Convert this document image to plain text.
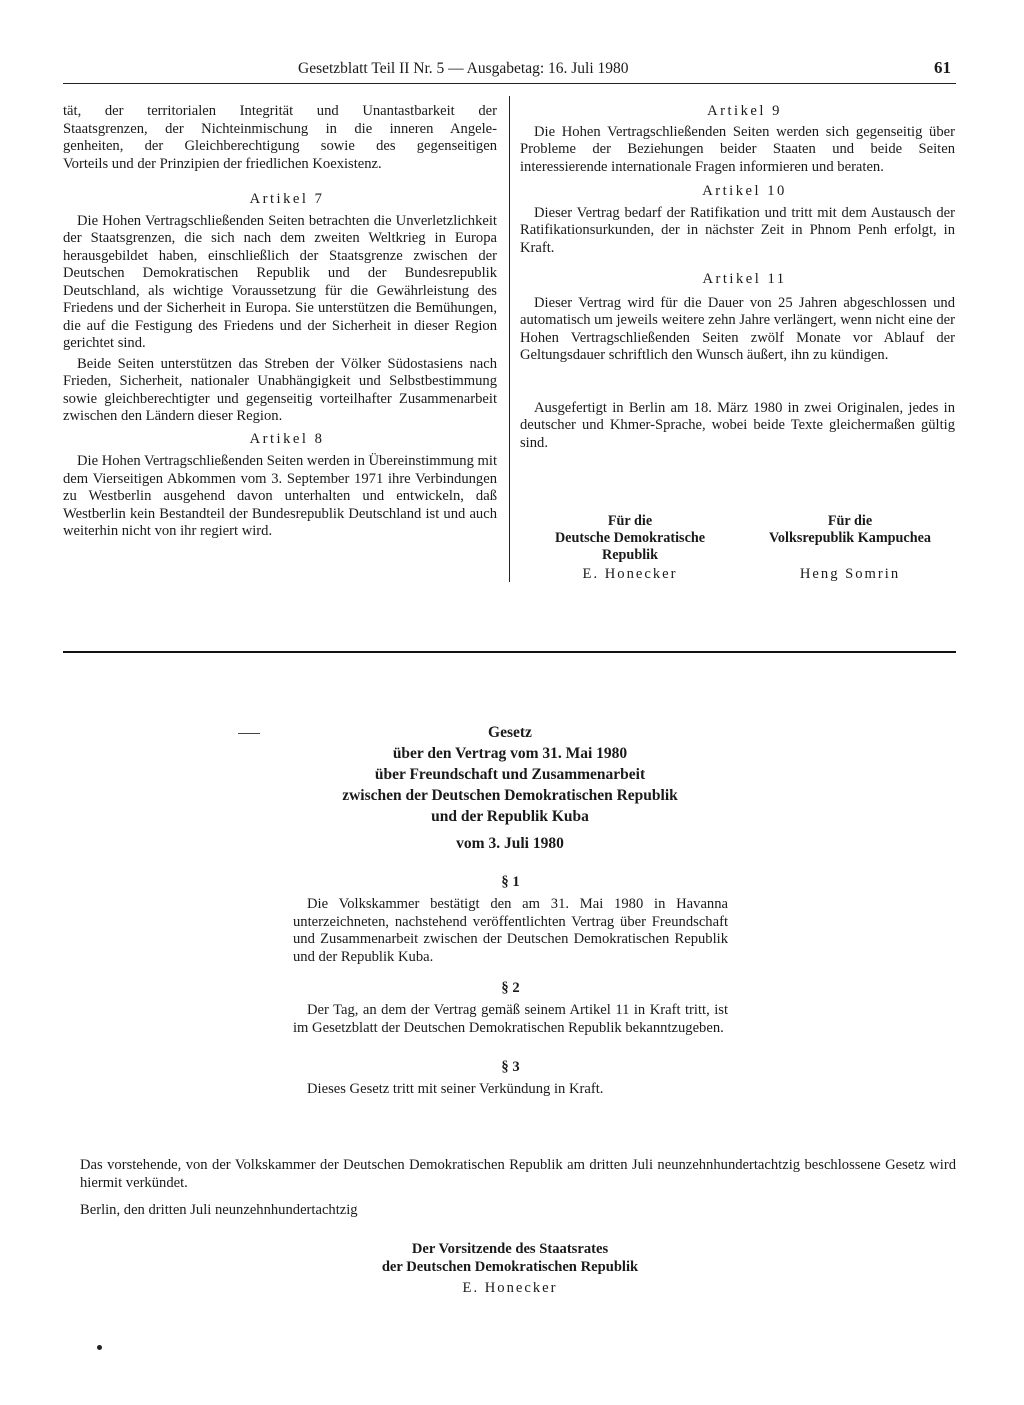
Gesetzblatt Teil II Nr. 5 — Ausgabetag: 16. Juli 1980	61
tät, der territorialen Integrität und Unantastbarkeit der
Staatsgrenzen, der Nichteinmischung in die inneren Angele-
genheiten, der Gleichberechtigung sowie des gegenseitigen
Vorteils und der Prinzipien der friedlichen Koexistenz.

Artikel 7

Die Hohen Vertragschließenden Seiten betrachten die Unverletzlichkeit der Staatsgrenzen, die sich nach dem zweiten Weltkrieg in Europa herausgebildet haben, einschließlich der Staatsgrenze zwischen der Deutschen Demokratischen Republik und der Bundesrepublik Deutschland, als wichtige Voraussetzung für die Gewährleistung des Friedens und der Sicherheit in Europa. Sie unterstützen die Bemühungen, die auf die Festigung des Friedens und der Sicherheit in dieser Region gerichtet sind.

Beide Seiten unterstützen das Streben der Völker Südostasiens nach Frieden, Sicherheit, nationaler Unabhängigkeit und Selbstbestimmung sowie gleichberechtigter und gegenseitig vorteilhafter Zusammenarbeit zwischen den Ländern dieser Region.

Artikel 8

Die Hohen Vertragschließenden Seiten werden in Übereinstimmung mit dem Vierseitigen Abkommen vom 3. September 1971 ihre Verbindungen zu Westberlin ausgehend davon unterhalten und entwickeln, daß Westberlin kein Bestandteil der Bundesrepublik Deutschland ist und auch weiterhin nicht von ihr regiert wird.

Artikel 9

Die Hohen Vertragschließenden Seiten werden sich gegenseitig über Probleme der Beziehungen beider Staaten und beide Seiten interessierende internationale Fragen informieren und beraten.

Artikel 10

Dieser Vertrag bedarf der Ratifikation und tritt mit dem Austausch der Ratifikationsurkunden, der in nächster Zeit in Phnom Penh erfolgt, in Kraft.

Artikel 11

Dieser Vertrag wird für die Dauer von 25 Jahren abgeschlossen und automatisch um jeweils weitere zehn Jahre verlängert, wenn nicht eine der Hohen Vertragschließenden Seiten zwölf Monate vor Ablauf der Geltungsdauer schriftlich den Wunsch äußert, ihn zu kündigen.

Ausgefertigt in Berlin am 18. März 1980 in zwei Originalen, jedes in deutscher und Khmer-Sprache, wobei beide Texte gleichermaßen gültig sind.

Für die
Deutsche Demokratische
Republik
E. Honecker
Für die
Volksrepublik Kampuchea
Heng Somrin
Gesetz
über den Vertrag vom 31. Mai 1980
über Freundschaft und Zusammenarbeit
zwischen der Deutschen Demokratischen Republik
und der Republik Kuba
vom 3. Juli 1980
§ 1

Die Volkskammer bestätigt den am 31. Mai 1980 in Havanna unterzeichneten, nachstehend veröffentlichten Vertrag über Freundschaft und Zusammenarbeit zwischen der Deutschen Demokratischen Republik und der Republik Kuba.

§ 2

Der Tag, an dem der Vertrag gemäß seinem Artikel 11 in Kraft tritt, ist im Gesetzblatt der Deutschen Demokratischen Republik bekanntzugeben.

§ 3

Dieses Gesetz tritt mit seiner Verkündung in Kraft.

Das vorstehende, von der Volkskammer der Deutschen Demokratischen Republik am dritten Juli neunzehnhundertachtzig beschlossene Gesetz wird hiermit verkündet.
Berlin, den dritten Juli neunzehnhundertachtzig
Der Vorsitzende des Staatsrates
der Deutschen Demokratischen Republik
E. Honecker
